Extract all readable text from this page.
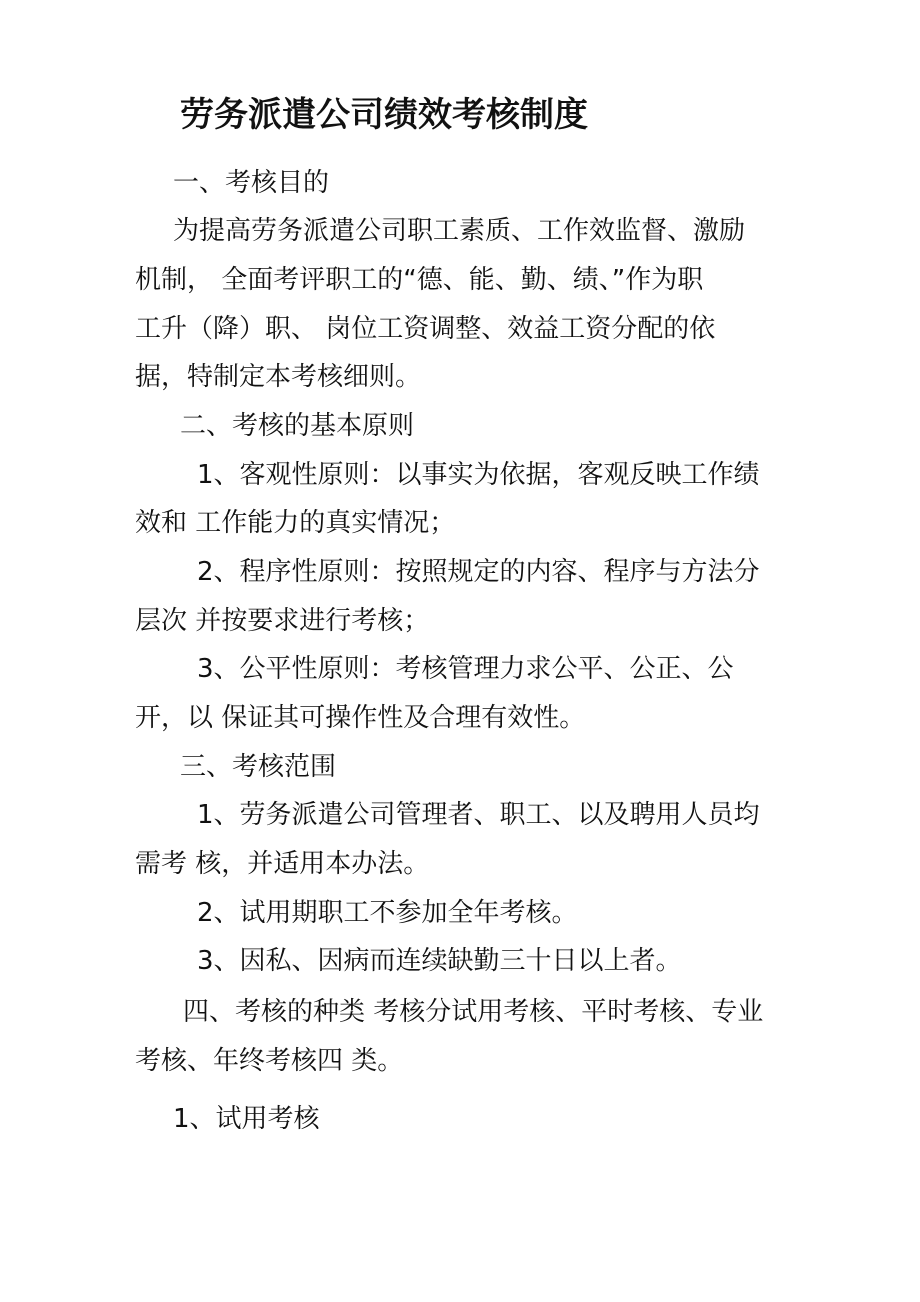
劳务派遣公司绩效考核制度

一、考核目的

为提高劳务派遣公司职工素质、工作效监督、激励

机制， 全面考评职工的“德、能、勤、绩、”作为职

工升（降）职、 岗位工资调整、效益工资分配的依

据，特制定本考核细则。

二、考核的基本原则

1、客观性原则：以事实为依据，客观反映工作绩

效和 工作能力的真实情况；

2、程序性原则：按照规定的内容、程序与方法分

层次 并按要求进行考核；

3、公平性原则：考核管理力求公平、公正、公

开，以 保证其可操作性及合理有效性。

三、考核范围

1、劳务派遣公司管理者、职工、以及聘用人员均

需考 核，并适用本办法。

2、试用期职工不参加全年考核。

3、因私、因病而连续缺勤三十日以上者。

四、考核的种类 考核分试用考核、平时考核、专业

考核、年终考核四 类。

1、试用考核
